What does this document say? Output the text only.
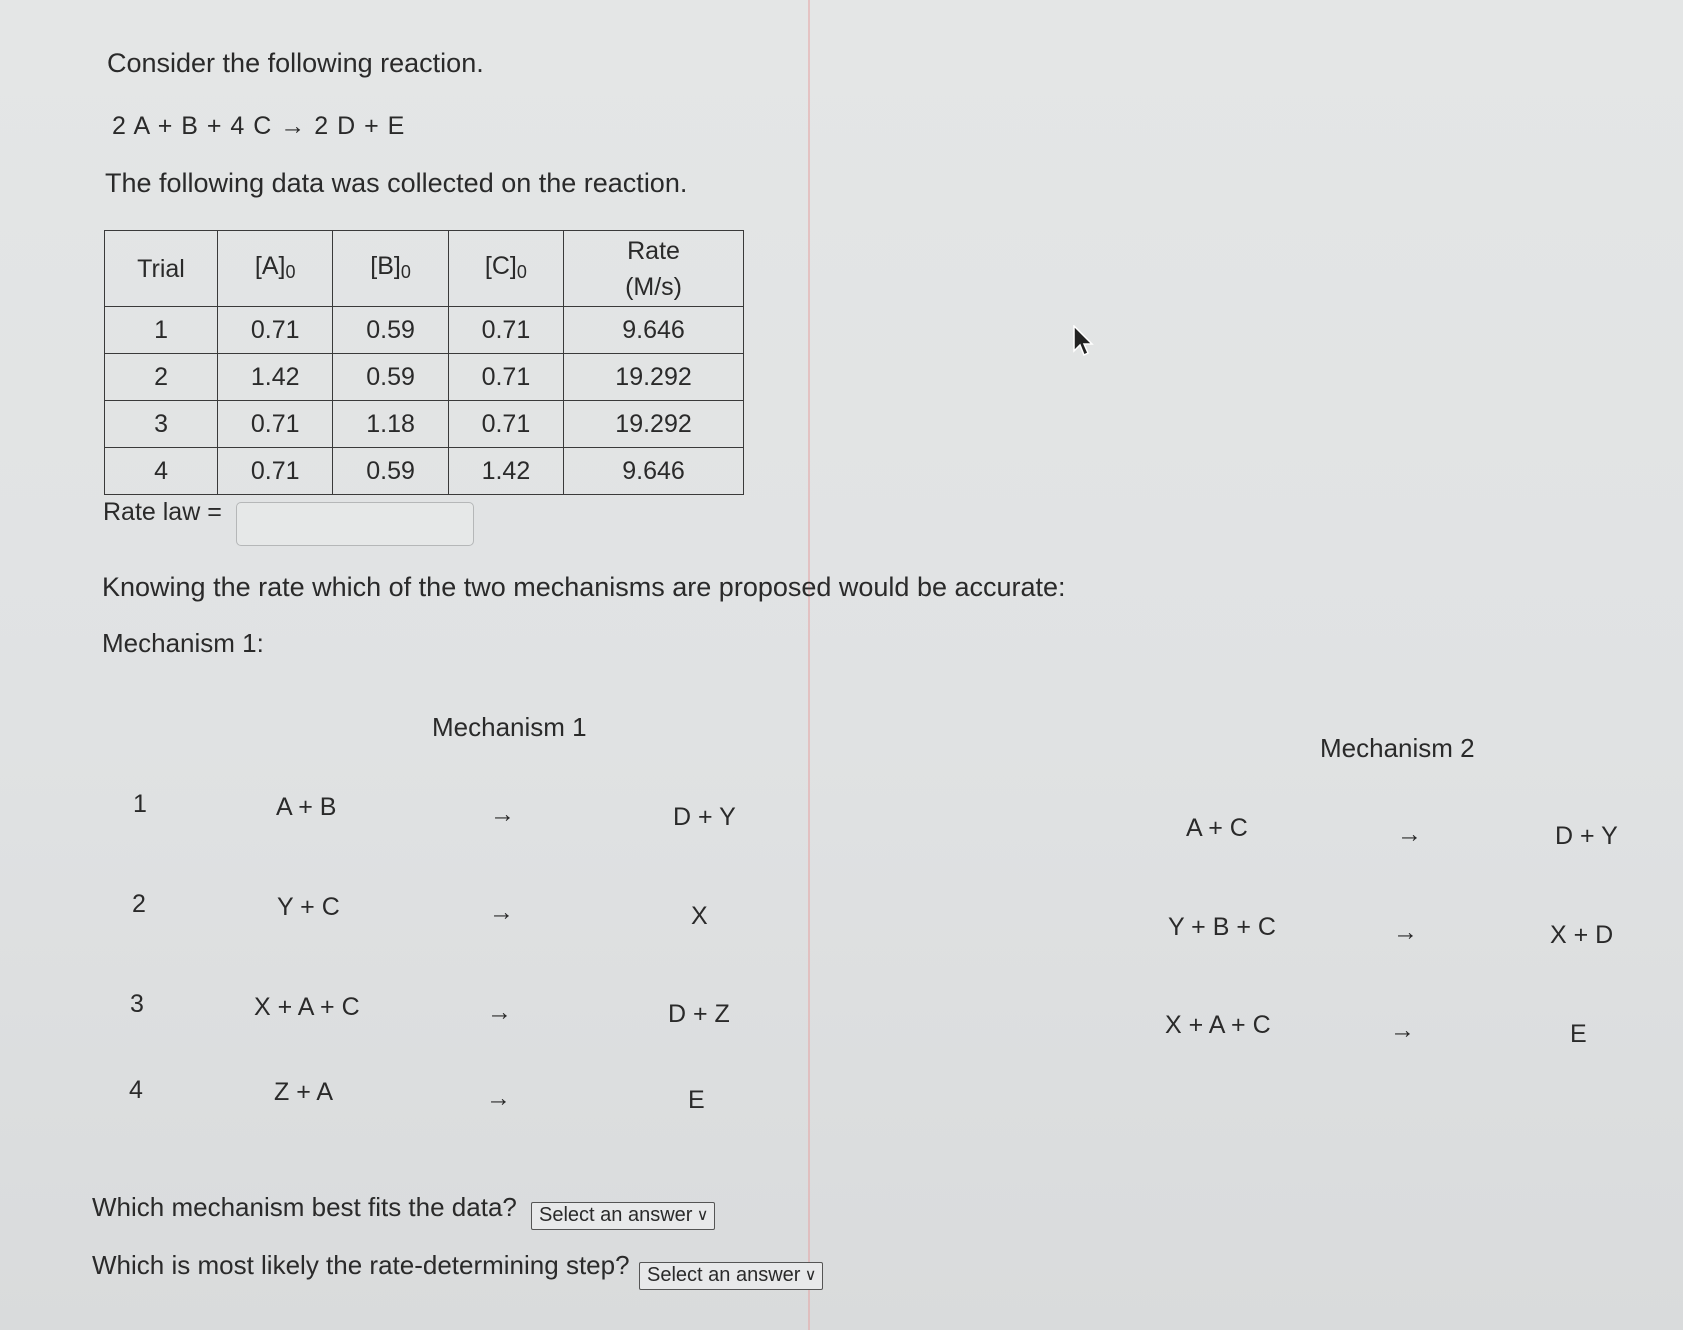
Consider the following reaction.
2 A + B + 4 C → 2 D + E
The following data was collected on the reaction.
Trial	$[A]_0$	$[B]_0$	$[C]_0$	Rate
(M/s)
1	0.71	0.59	0.71	9.646
2	1.42	0.59	0.71	19.292
3	0.71	1.18	0.71	19.292
4	0.71	0.59	1.42	9.646
Rate law =
Knowing the rate which of the two mechanisms are proposed would be accurate:
Mechanism 1:
Mechanism 1
1	A + B	→	D + Y
2	Y + C	→	X
3	X + A + C	→	D + Z
4	Z + A	→	E
Mechanism 2
A + C	→	D + Y
Y + B + C	→	X + D
X + A + C	→	E
Which mechanism best fits the data?	Select an answer ∨
Which is most likely the rate-determining step? Select an answer ∨
